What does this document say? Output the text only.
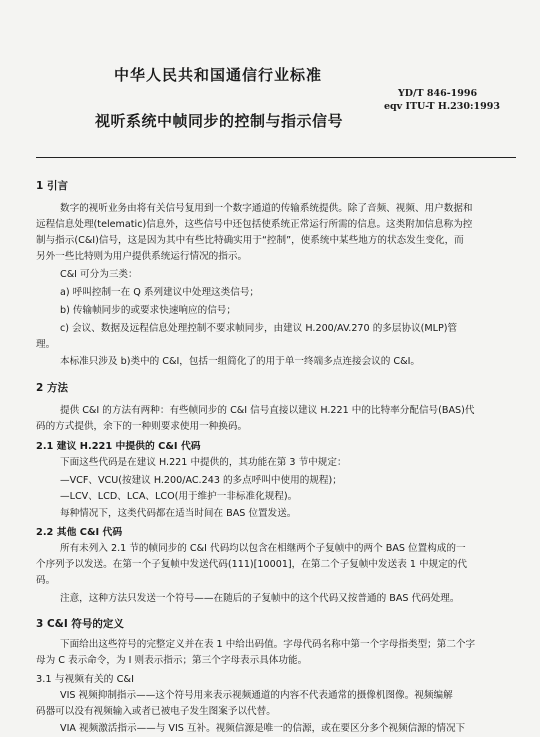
中华人民共和国通信行业标准
视听系统中帧同步的控制与指示信号
YD/T 846-1996
eqv ITU-T H.230:1993
1 引言
数字的视听业务由将有关信号复用到一个数字通道的传输系统提供。除了音频、视频、用户数据和
远程信息处理(telematic)信息外，这些信号中还包括使系统正常运行所需的信息。这类附加信息称为控
制与指示(C&I)信号，这是因为其中有些比特确实用于“控制”，使系统中某些地方的状态发生变化，而
另外一些比特则为用户提供系统运行情况的指示。
C&I 可分为三类：
a) 呼叫控制一在 Q 系列建议中处理这类信号；
b) 传输帧同步的或要求快速响应的信号；
c) 会议、数据及远程信息处理控制不要求帧同步，由建议 H.200/AV.270 的多层协议(MLP)管
理。
本标准只涉及 b)类中的 C&I，包括一组简化了的用于单一终端多点连接会议的 C&I。
2 方法
提供 C&I 的方法有两种：有些帧同步的 C&I 信号直接以建议 H.221 中的比特率分配信号(BAS)代
码的方式提供，余下的一种则要求使用一种换码。
2.1 建议 H.221 中提供的 C&I 代码
下面这些代码是在建议 H.221 中提供的，其功能在第 3 节中规定：
—VCF、VCU(按建议 H.200/AC.243 的多点呼叫中使用的规程)；
—LCV、LCD、LCA、LCO(用于维护一非标准化规程)。
每种情况下，这类代码都在适当时间在 BAS 位置发送。
2.2 其他 C&I 代码
所有未列入 2.1 节的帧同步的 C&I 代码均以包含在相继两个子复帧中的两个 BAS 位置构成的一
个序列予以发送。在第一个子复帧中发送代码(111)[10001]，在第二个子复帧中发送表 1 中规定的代
码。
注意，这种方法只发送一个符号——在随后的子复帧中的这个代码又按普通的 BAS 代码处理。
3 C&I 符号的定义
下面给出这些符号的完整定义并在表 1 中给出码值。字母代码名称中第一个字母指类型；第二个字
母为 C 表示命令，为 I 则表示指示；第三个字母表示具体功能。
3.1 与视频有关的 C&I
VIS 视频抑制指示——这个符号用来表示视频通道的内容不代表通常的摄像机图像。视频编解
码器可以没有视频输入或者已被电子发生图案予以代替。
VIA 视频激活指示——与 VIS 互补。视频信源是唯一的信源，或在要区分多个视频信源的情况下
